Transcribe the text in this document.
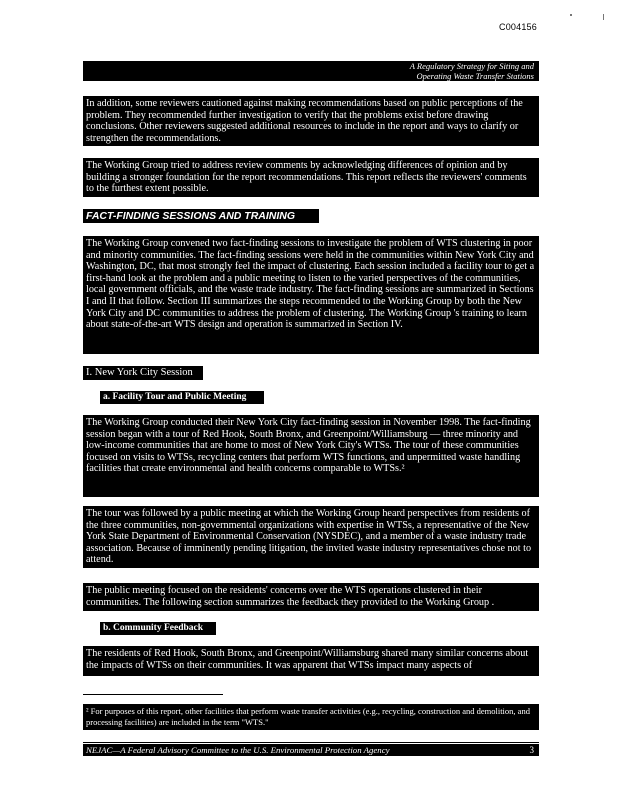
C004156
A Regulatory Strategy for Siting and
Operating Waste Transfer Stations
In addition, some reviewers cautioned against making recommendations based on public perceptions of the problem. They recommended further investigation to verify that the problems exist before drawing conclusions. Other reviewers suggested additional resources to include in the report and ways to clarify or strengthen the recommendations.
The Working Group tried to address review comments by acknowledging differences of opinion and by building a stronger foundation for the report recommendations. This report reflects the reviewers' comments to the furthest extent possible.
FACT-FINDING SESSIONS AND TRAINING
The Working Group convened two fact-finding sessions to investigate the problem of WTS clustering in poor and minority communities. The fact-finding sessions were held in the communities within New York City and Washington, DC, that most strongly feel the impact of clustering. Each session included a facility tour to get a first-hand look at the problem and a public meeting to listen to the varied perspectives of the communities, local government officials, and the waste trade industry. The fact-finding sessions are summarized in Sections I and II that follow. Section III summarizes the steps recommended to the Working Group by both the New York City and DC communities to address the problem of clustering. The Working Group 's training to learn about state-of-the-art WTS design and operation is summarized in Section IV.
I. New York City Session
a. Facility Tour and Public Meeting
The Working Group conducted their New York City fact-finding session in November 1998. The fact-finding session began with a tour of Red Hook, South Bronx, and Greenpoint/Williamsburg — three minority and low-income communities that are home to most of New York City's WTSs. The tour of these communities focused on visits to WTSs, recycling centers that perform WTS functions, and unpermitted waste handling facilities that create environmental and health concerns comparable to WTSs.²
The tour was followed by a public meeting at which the Working Group heard perspectives from residents of the three communities, non-governmental organizations with expertise in WTSs, a representative of the New York State Department of Environmental Conservation (NYSDEC), and a member of a waste industry trade association. Because of imminently pending litigation, the invited waste industry representatives chose not to attend.
The public meeting focused on the residents' concerns over the WTS operations clustered in their communities. The following section summarizes the feedback they provided to the Working Group .
b. Community Feedback
The residents of Red Hook, South Bronx, and Greenpoint/Williamsburg shared many similar concerns about the impacts of WTSs on their communities. It was apparent that WTSs impact many aspects of
² For purposes of this report, other facilities that perform waste transfer activities (e.g., recycling, construction and demolition, and processing facilities) are included in the term "WTS."
NEJAC—A Federal Advisory Committee to the U.S. Environmental Protection Agency	3
